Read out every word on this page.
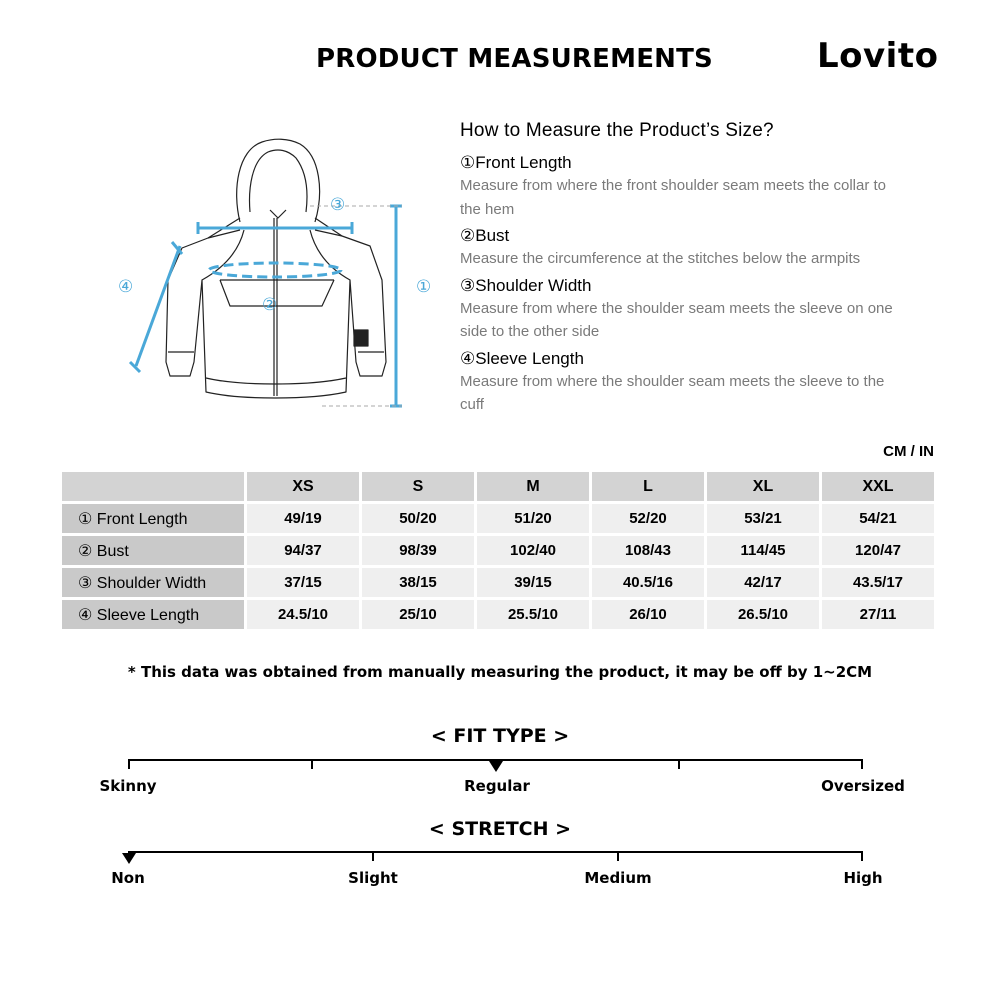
PRODUCT MEASUREMENTS	Lovito
①
②
③
④
How to Measure the Product’s Size?
①Front Length
Measure from where the front shoulder seam meets the collar to the hem
②Bust
Measure the circumference at the stitches below the armpits
③Shoulder Width
Measure from where the shoulder seam meets the sleeve on one side to the other side
④Sleeve Length
Measure from where the shoulder seam meets the sleeve to the cuff
CM / IN
	XS	S	M	L	XL	XXL
① Front Length	49/19	50/20	51/20	52/20	53/21	54/21
② Bust	94/37	98/39	102/40	108/43	114/45	120/47
③ Shoulder Width	37/15	38/15	39/15	40.5/16	42/17	43.5/17
④ Sleeve Length	24.5/10	25/10	25.5/10	26/10	26.5/10	27/11
* This data was obtained from manually measuring the product, it may be off by 1~2CM
< FIT TYPE >
Skinny	Regular	Oversized
< STRETCH >
Non	Slight	Medium	High
